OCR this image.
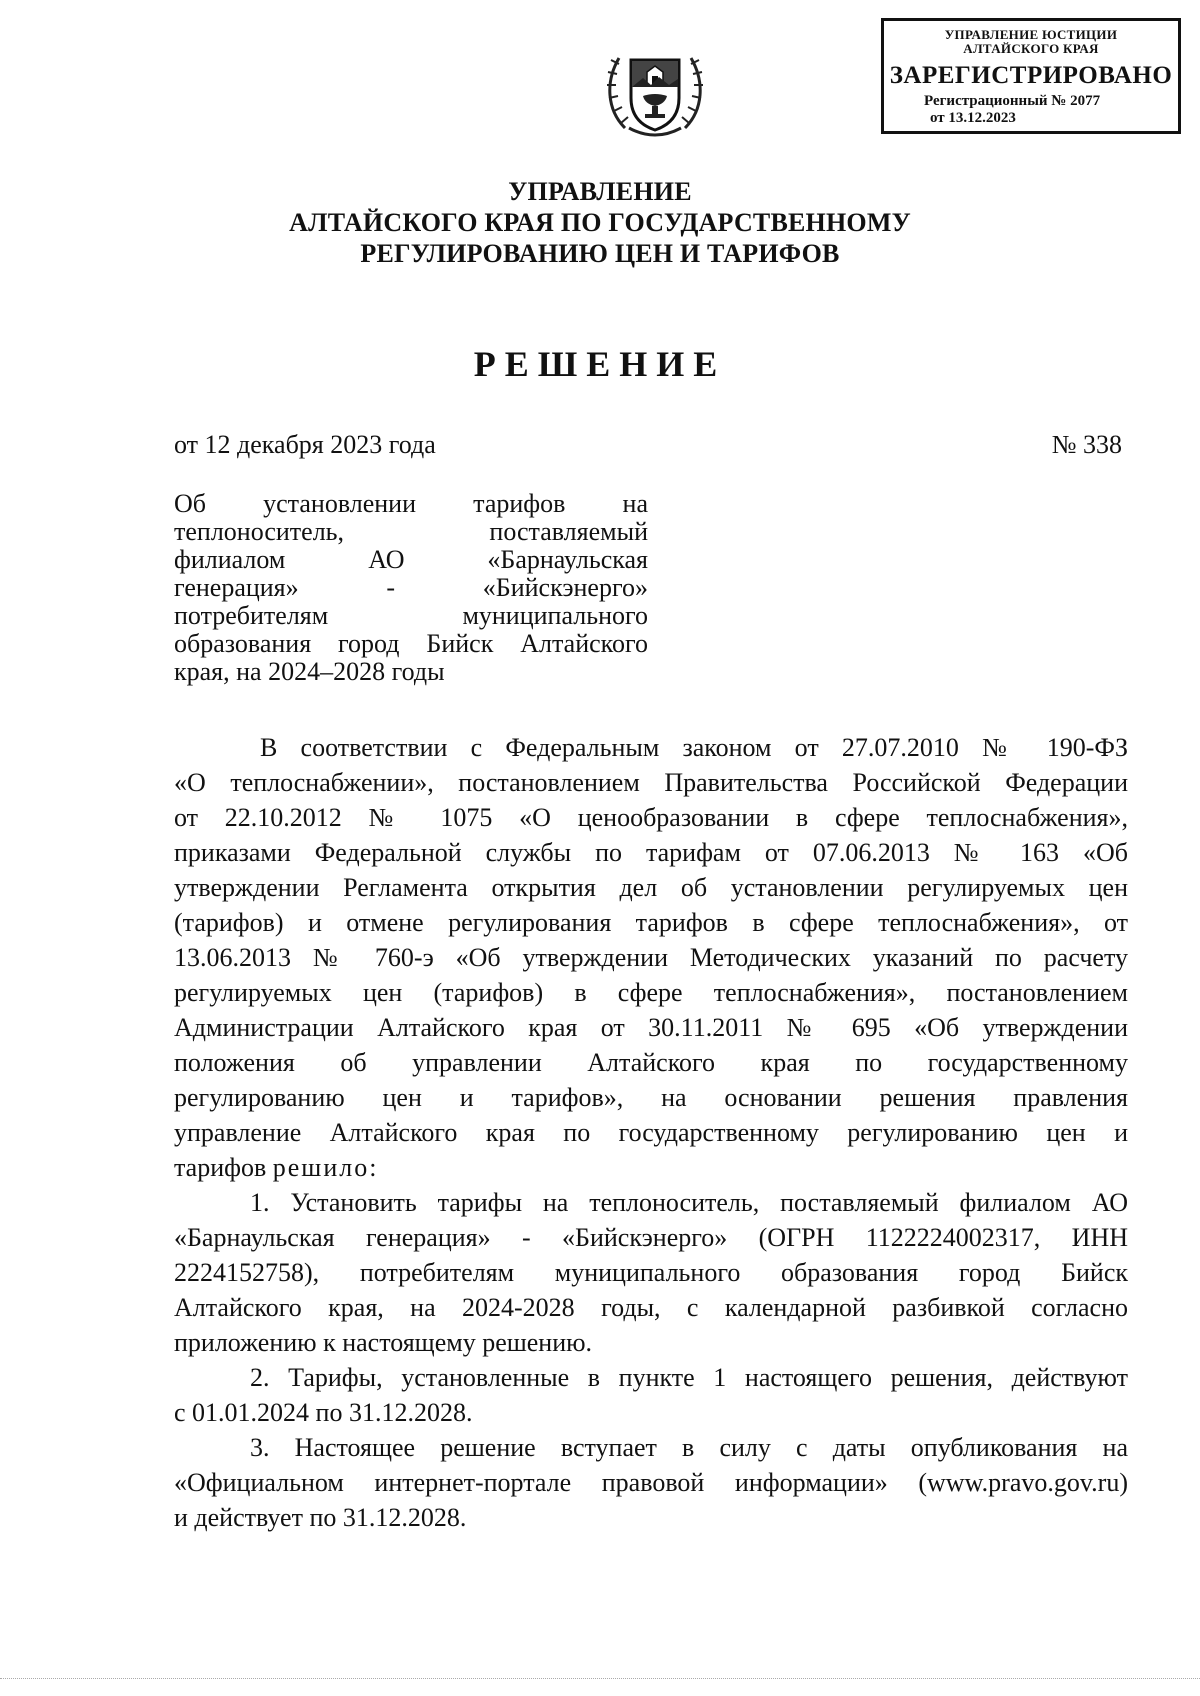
УПРАВЛЕНИЕ ЮСТИЦИИ
АЛТАЙСКОГО КРАЯ
ЗАРЕГИСТРИРОВАНО
Регистрационный № 2077
от 13.12.2023
УПРАВЛЕНИЕ
АЛТАЙСКОГО КРАЯ ПО ГОСУДАРСТВЕННОМУ
РЕГУЛИРОВАНИЮ ЦЕН И ТАРИФОВ
РЕШЕНИЕ
от 12 декабря 2023 года	№ 338
Об установлении тарифов на
теплоноситель, поставляемый
филиалом АО «Барнаульская
генерация» - «Бийскэнерго»
потребителям муниципального
образования город Бийск Алтайского
края, на 2024–2028 годы
В соответствии с Федеральным законом от 27.07.2010 № 190-ФЗ
«О теплоснабжении», постановлением Правительства Российской Федерации
от 22.10.2012 № 1075 «О ценообразовании в сфере теплоснабжения»,
приказами Федеральной службы по тарифам от 07.06.2013 № 163 «Об
утверждении Регламента открытия дел об установлении регулируемых цен
(тарифов) и отмене регулирования тарифов в сфере теплоснабжения», от
13.06.2013 № 760-э «Об утверждении Методических указаний по расчету
регулируемых цен (тарифов) в сфере теплоснабжения», постановлением
Администрации Алтайского края от 30.11.2011 № 695 «Об утверждении
положения об управлении Алтайского края по государственному
регулированию цен и тарифов», на основании решения правления
управление Алтайского края по государственному регулированию цен и
тарифов решило:
1. Установить тарифы на теплоноситель, поставляемый филиалом АО
«Барнаульская генерация» - «Бийскэнерго» (ОГРН 1122224002317, ИНН
2224152758), потребителям муниципального образования город Бийск
Алтайского края, на 2024-2028 годы, с календарной разбивкой согласно
приложению к настоящему решению.
2. Тарифы, установленные в пункте 1 настоящего решения, действуют
с 01.01.2024 по 31.12.2028.
3. Настоящее решение вступает в силу с даты опубликования на
«Официальном интернет-портале правовой информации» (www.pravo.gov.ru)
и действует по 31.12.2028.
